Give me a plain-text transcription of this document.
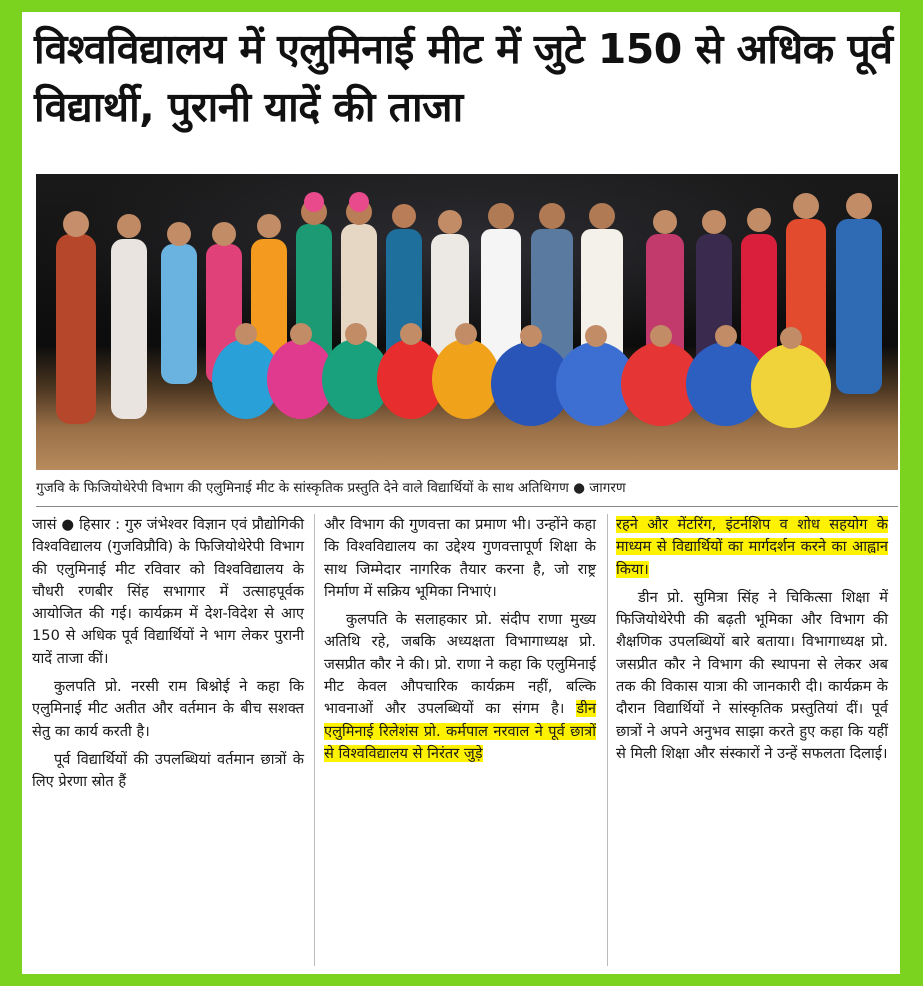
विश्वविद्यालय में एलुमिनाई मीट में जुटे 150 से अधिक पूर्व विद्यार्थी, पुरानी यादें की ताजा
गुजवि के फिजियोथेरेपी विभाग की एलुमिनाई मीट के सांस्कृतिक प्रस्तुति देने वाले विद्यार्थियों के साथ अतिथिगण ● जागरण

जासं ● हिसार : गुरु जंभेश्वर विज्ञान एवं प्रौद्योगिकी विश्वविद्यालय (गुजविप्रौवि) के फिजियोथेरेपी विभाग की एलुमिनाई मीट रविवार को विश्वविद्यालय के चौधरी रणबीर सिंह सभागार में उत्साहपूर्वक आयोजित की गई। कार्यक्रम में देश-विदेश से आए 150 से अधिक पूर्व विद्यार्थियों ने भाग लेकर पुरानी यादें ताजा कीं।

कुलपति प्रो. नरसी राम बिश्नोई ने कहा कि एलुमिनाई मीट अतीत और वर्तमान के बीच सशक्त सेतु का कार्य करती है।

पूर्व विद्यार्थियों की उपलब्धियां वर्तमान छात्रों के लिए प्रेरणा स्रोत हैं

और विभाग की गुणवत्ता का प्रमाण भी। उन्होंने कहा कि विश्वविद्यालय का उद्देश्य गुणवत्तापूर्ण शिक्षा के साथ जिम्मेदार नागरिक तैयार करना है, जो राष्ट्र निर्माण में सक्रिय भूमिका निभाएं।

कुलपति के सलाहकार प्रो. संदीप राणा मुख्य अतिथि रहे, जबकि अध्यक्षता विभागाध्यक्ष प्रो. जसप्रीत कौर ने की। प्रो. राणा ने कहा कि एलुमिनाई मीट केवल औपचारिक कार्यक्रम नहीं, बल्कि भावनाओं और उपलब्धियों का संगम है। डीन एलुमिनाई रिलेशंस प्रो. कर्मपाल नरवाल ने पूर्व छात्रों से विश्वविद्यालय से निरंतर जुड़े

रहने और मेंटरिंग, इंटर्नशिप व शोध सहयोग के माध्यम से विद्यार्थियों का मार्गदर्शन करने का आह्वान किया।

डीन प्रो. सुमित्रा सिंह ने चिकित्सा शिक्षा में फिजियोथेरेपी की बढ़ती भूमिका और विभाग की शैक्षणिक उपलब्धियों बारे बताया। विभागाध्यक्ष प्रो. जसप्रीत कौर ने विभाग की स्थापना से लेकर अब तक की विकास यात्रा की जानकारी दी। कार्यक्रम के दौरान विद्यार्थियों ने सांस्कृतिक प्रस्तुतियां दीं। पूर्व छात्रों ने अपने अनुभव साझा करते हुए कहा कि यहीं से मिली शिक्षा और संस्कारों ने उन्हें सफलता दिलाई।
